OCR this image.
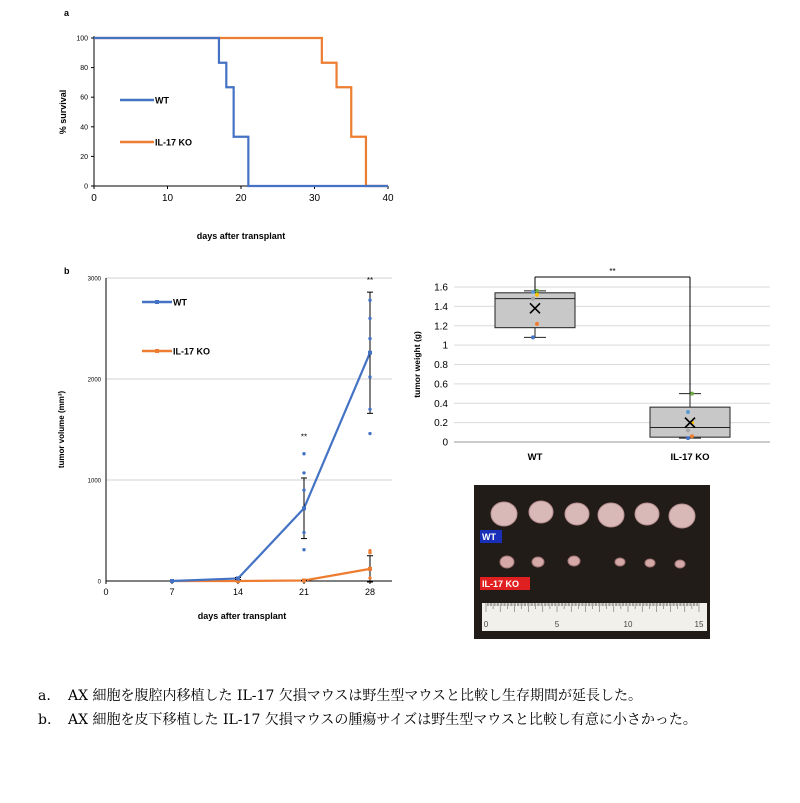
a
b
0
20
40
60
80
100
0	10	20	30	40
days after transplant
% survival	WT
IL-17 KO
0
1000
2000
3000
0	7	14	21	28
days after transplant
tumor volume (mm³)	**
**
WT
IL-17 KO
0
0.2
0.4
0.6
0.8
1
1.2
1.4
1.6
tumor weight (g)
WT	IL-17 KO
**
WT
IL-17 KO
0	5	10	15
a.	AX 細胞を腹腔内移植した IL-17 欠損マウスは野生型マウスと比較し生存期間が延長した。
b.	AX 細胞を皮下移植した IL-17 欠損マウスの腫瘍サイズは野生型マウスと比較し有意に小さかった。
